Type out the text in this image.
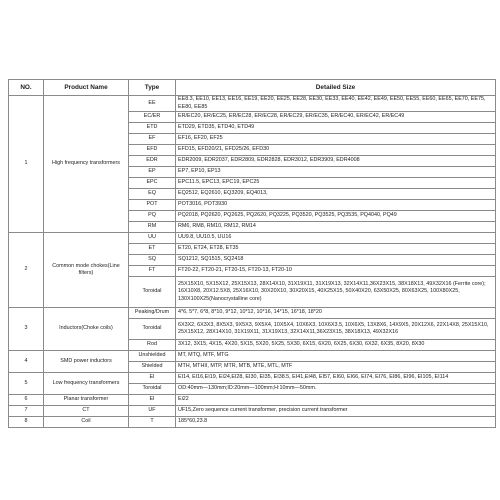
NO.	Product Name	Type	Detailed Size
1	High frequency transformers	EE	EE8.3, EE10, EE13, EE16, EE19, EE20, EE25, EE28, EE30, EE33, EE40, EE42, EE49, EE50, EE55, EE60, EE65, EE70, EE75, EE80, EE85
		EC/ER	ER/EC20, ER/EC25, ER/EC28, ER/EC28, ER/EC29, ER/EC35, ER/EC40, ER/EC42, ER/EC49
		ETD	ETD29, ETD35, ETD40, ETD49
		EF	EF16, EF20, EF25
		EFD	EFD15, EFD20/21, EFD25/26, EFD30
		EDR	EDR2009, EDR2037, EDR2809, EDR2828, EDR3012, EDR3909, EDR4008
		EP	EP7, EP10, EP13
		EPC	EPC11.5, EPC13, EPC19, EPC25
		EQ	EQ2512, EQ2610, EQ3209, EQ4013,
		POT	POT3016, POT3930
		PQ	PQ2018, PQ2620, PQ2625, PQ2620, PQ3225, PQ3520, PQ3525, PQ3535, PQ4040, PQ49
		RM	RM6, RM8, RM10, RM12, RM14
2	Common mode chokes(Line filters)	UU	UU9.8, UU10.5, UU16
		ET	ET20, ET24, ET28, ET35
		SQ	SQ1212, SQ1515, SQ2418
		FT	FT20-22, FT20-21, FT20-15, FT20-13, FT20-10
		Toroidal	25X15X10, 5X15X12, 25X15X13, 28X14X10, 31X19X11, 31X19X13, 32X14X11,36X23X15, 38X18X13, 49X32X16 (Ferrite core); 16X10X8, 20X12.5X8, 25X16X10, 30X20X10, 30X20X15, 40X25X15, 50X40X20, 63X50X25, 80X63X25, 100X80X25, 130X100X25(Nanocrystalline core)
3	Inductors(Choke coils)	Peaking/Drum	4*6, 5*7, 6*8, 8*10, 9*12, 10*12, 10*16, 14*15, 16*18, 18*20
		Toroidal	6X3X2, 6X3X3, 8X5X3, 9X5X3, 9X5X4, 10X5X4, 10X6X3, 10X6X3.5, 10X6X5, 13X8X6, 14X9X5, 20X12X6, 22X14X8, 25X15X10, 25X15X12, 28X14X10, 31X19X11, 31X19X13, 32X14X11,36X23X15, 38X18X13, 49X32X16
		Rod	3X12, 3X15, 4X15, 4X20, 5X15, 5X20, 5X25, 5X30, 6X15, 6X20, 6X25, 6X30, 6X32, 6X35, 8X20, 8X30
4	SMD power inductors	Unshielded	MT, MTQ, MTF, MTG
		Shielded	MTH, MTHII, MTP, MTR, MTB, MTE, MTL, MTF
5	Low frequency transformers	EI	EI14, EI16,EI19, EI24,EI28, EI30, EI35, EI38.5, EI41,EI48, EI57, EI60, EI66, EI74, EI76, EI86, EI96, EI105, EI114
		Toroidal	OD:40mm—130mm;ID:20mm—100mm;H:10mm—50mm.
6	Planar transformer	EI	Ei22
7	CT	UF	UF15,Zero sequence current transformer, precision current transformer
8	Coil	T	185*60,23.8
